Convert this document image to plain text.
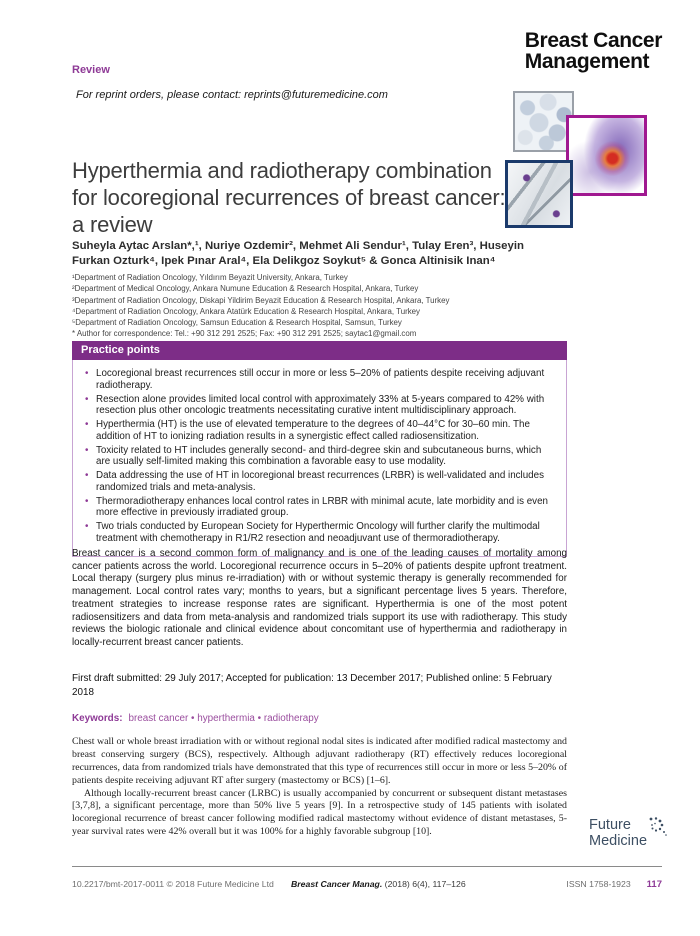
Review
For reprint orders, please contact: reprints@futuremedicine.com
Breast Cancer
Management
Hyperthermia and radiotherapy combination for locoregional recurrences of breast cancer: a review
Suheyla Aytac Arslan*,¹, Nuriye Ozdemir², Mehmet Ali Sendur¹, Tulay Eren³, Huseyin Furkan Ozturk⁴, Ipek Pınar Aral⁴, Ela Delikgoz Soykut⁵ & Gonca Altinisik Inan⁴
¹Department of Radiation Oncology, Yıldırım Beyazit University, Ankara, Turkey
²Department of Medical Oncology, Ankara Numune Education & Research Hospital, Ankara, Turkey
³Department of Radiation Oncology, Diskapi Yildirim Beyazit Education & Research Hospital, Ankara, Turkey
⁴Department of Radiation Oncology, Ankara Atatürk Education & Research Hospital, Ankara, Turkey
⁵Department of Radiation Oncology, Samsun Education & Research Hospital, Samsun, Turkey
* Author for correspondence: Tel.: +90 312 291 2525; Fax: +90 312 291 2525; saytac1@gmail.com
Practice points
• Locoregional breast recurrences still occur in more or less 5–20% of patients despite receiving adjuvant radiotherapy.
• Resection alone provides limited local control with approximately 33% at 5-years compared to 42% with resection plus other oncologic treatments necessitating curative intent multidisciplinary approach.
• Hyperthermia (HT) is the use of elevated temperature to the degrees of 40–44°C for 30–60 min. The addition of HT to ionizing radiation results in a synergistic effect called radiosensitization.
• Toxicity related to HT includes generally second- and third-degree skin and subcutaneous burns, which are usually self-limited making this combination a favorable easy to use modality.
• Data addressing the use of HT in locoregional breast recurrences (LRBR) is well-validated and includes randomized trials and meta-analysis.
• Thermoradiotherapy enhances local control rates in LRBR with minimal acute, late morbidity and is even more effective in previously irradiated group.
• Two trials conducted by European Society for Hyperthermic Oncology will further clarify the multimodal treatment with chemotherapy in R1/R2 resection and neoadjuvant use of thermoradiotherapy.
Breast cancer is a second common form of malignancy and is one of the leading causes of mortality among cancer patients across the world. Locoregional recurrence occurs in 5–20% of patients despite upfront treatment. Local therapy (surgery plus minus re-irradiation) with or without systemic therapy is generally recommended for management. Local control rates vary; months to years, but a significant percentage lives 5 years. Therefore, treatment strategies to increase response rates are significant. Hyperthermia is one of the most potent radiosensitizers and data from meta-analysis and randomized trials support its use with radiotherapy. This study reviews the biologic rationale and clinical evidence about concomitant use of hyperthermia and radiotherapy in locally-recurrent breast cancer patients.
First draft submitted: 29 July 2017; Accepted for publication: 13 December 2017; Published online: 5 February 2018
Keywords: breast cancer • hyperthermia • radiotherapy

Chest wall or whole breast irradiation with or without regional nodal sites is indicated after modified radical mastectomy and breast conserving surgery (BCS), respectively. Although adjuvant radiotherapy (RT) effectively reduces locoregional recurrences, data from randomized trials have demonstrated that this type of recurrences still occur in more or less 5–20% of patients despite receiving adjuvant RT after surgery (mastectomy or BCS) [1–6].

Although locally-recurrent breast cancer (LRBC) is usually accompanied by concurrent or subsequent distant metastases [3,7,8], a significant percentage, more than 50% live 5 years [9]. In a retrospective study of 145 patients with isolated locoregional recurrence of breast cancer following modified radical mastectomy without evidence of distant metastases, 5-year survival rates were 42% overall but it was 100% for a highly favorable subgroup [10].	Future
Medicine
10.2217/bmt-2017-0011 © 2018 Future Medicine Ltd Breast Cancer Manag. (2018) 6(4), 117–126	ISSN 1758-1923 117
